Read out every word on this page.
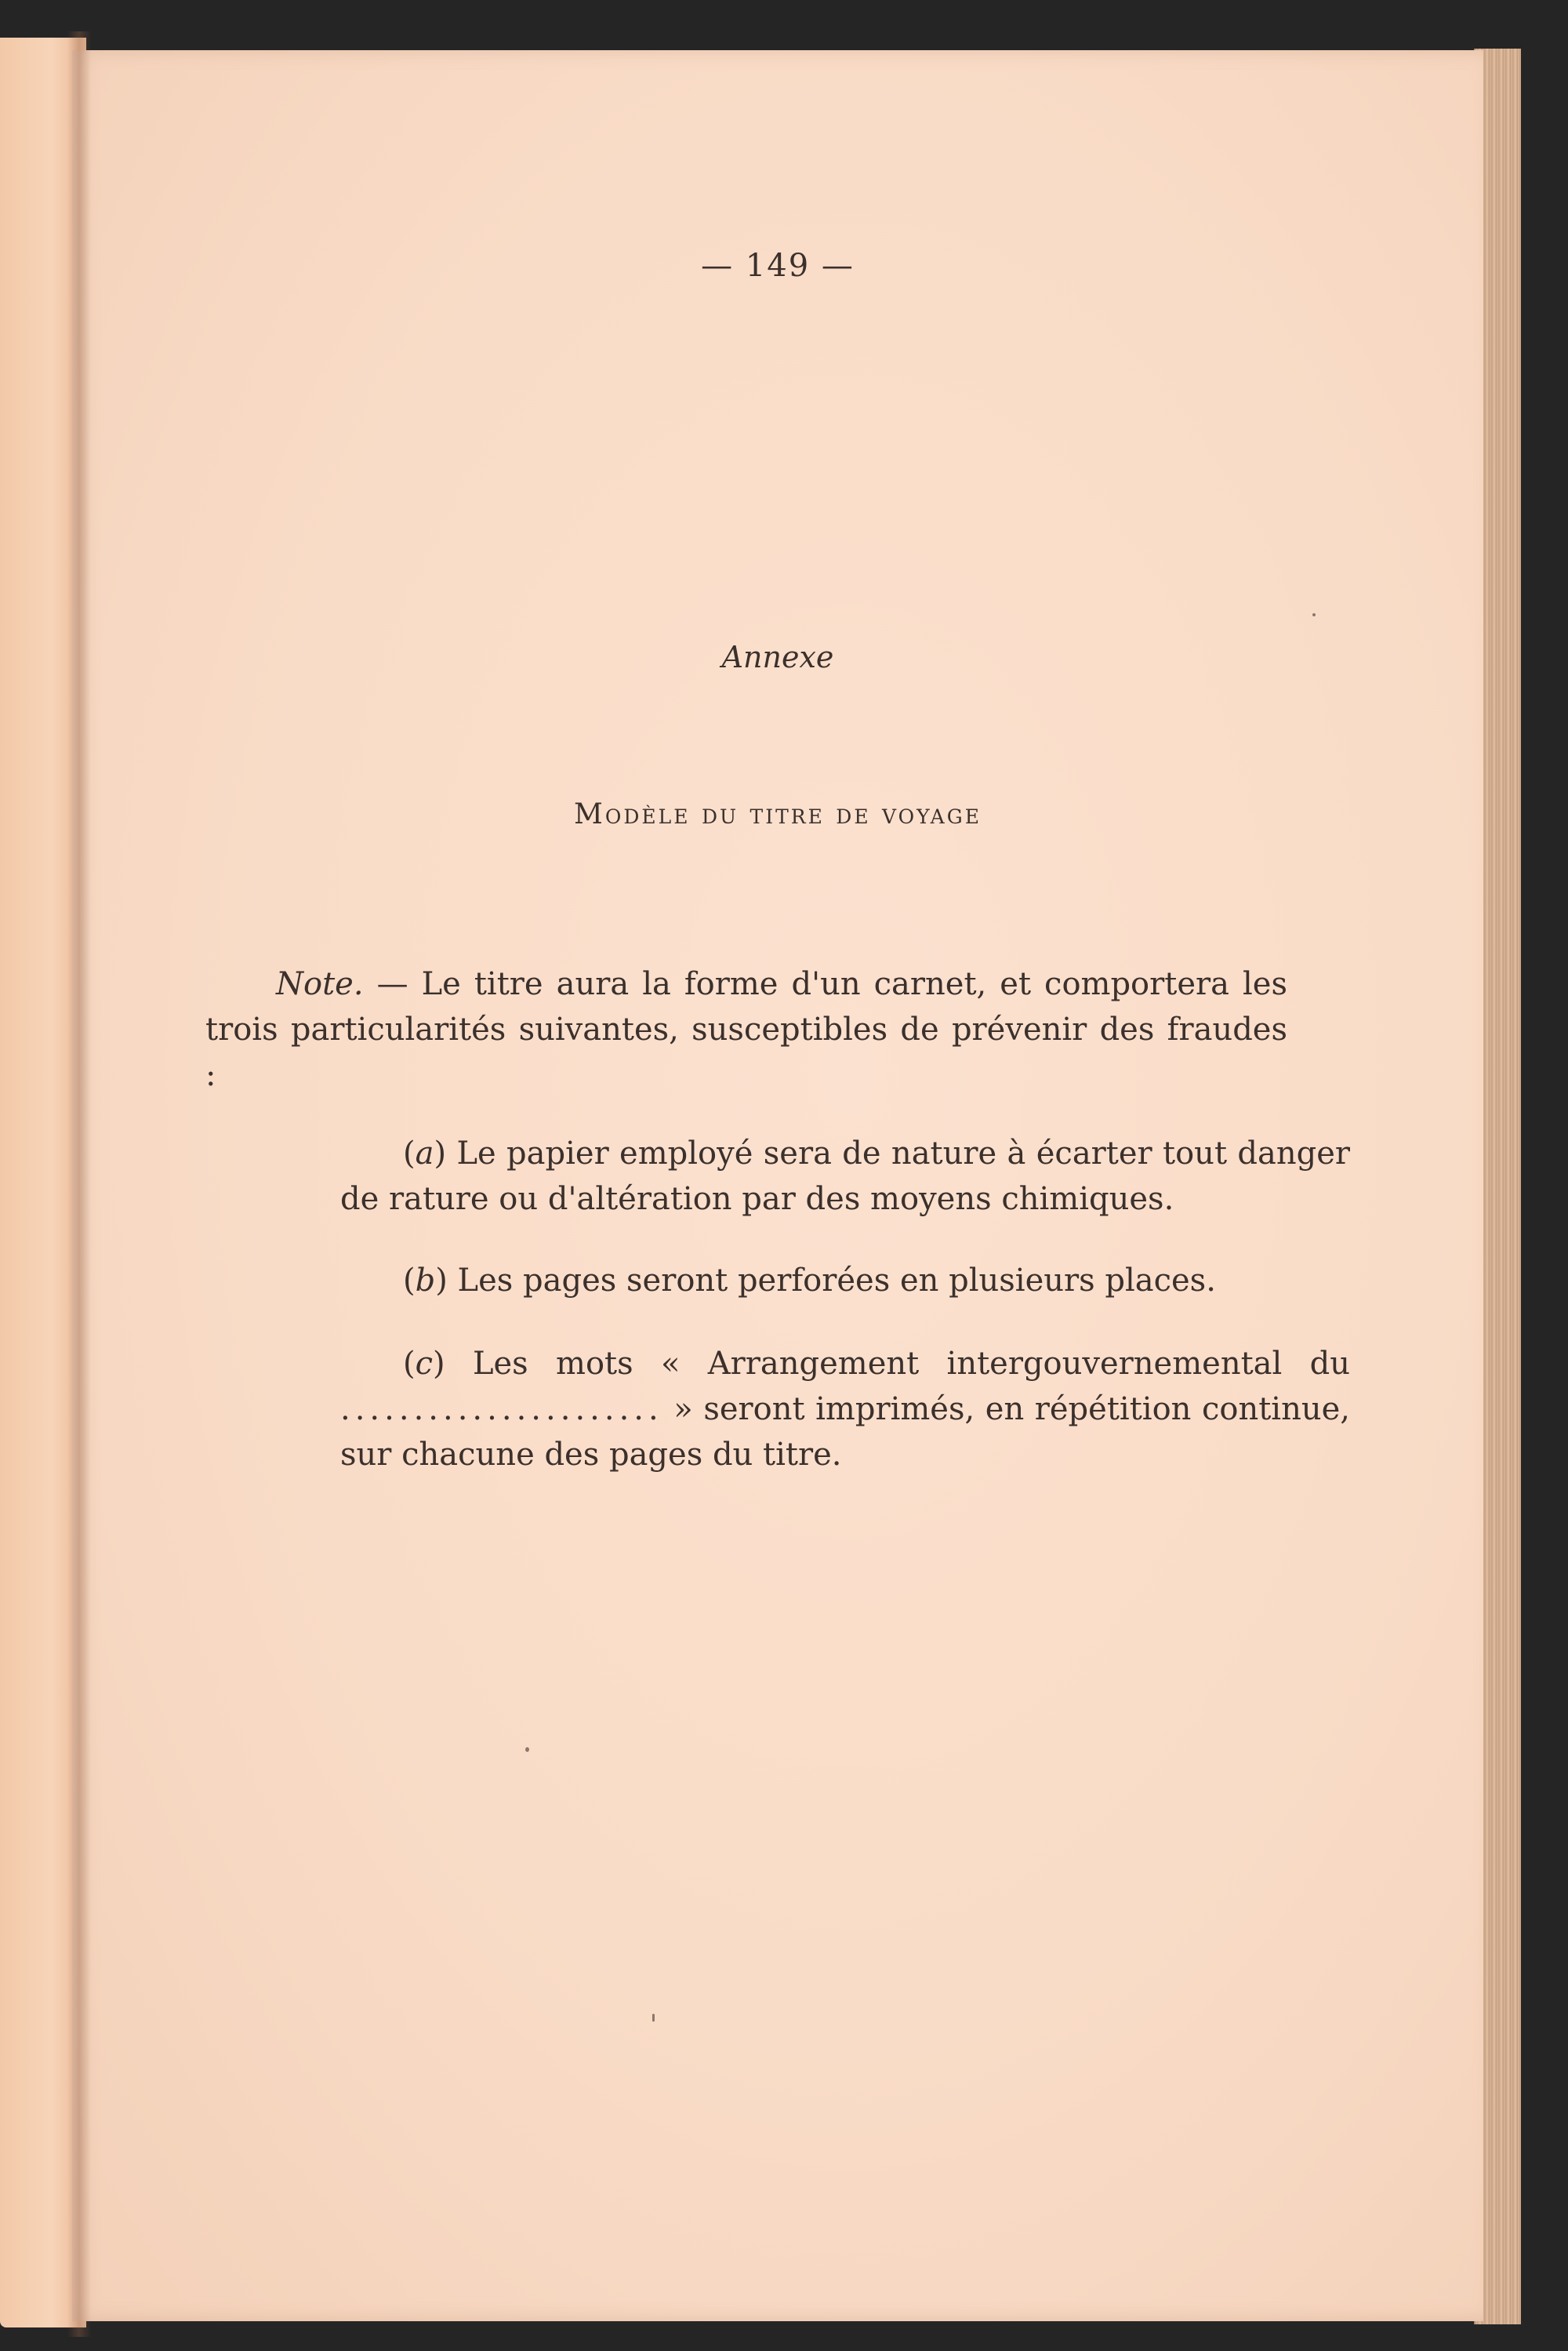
— 149 —
Annexe
Modèle du titre de voyage

Note. — Le titre aura la forme d'un carnet, et comportera les trois particularités suivantes, susceptibles de prévenir des fraudes :

(a) Le papier employé sera de nature à écarter tout danger de rature ou d'altération par des moyens chimiques.

(b) Les pages seront perforées en plusieurs places.

(c) Les mots « Arrangement intergouvernemental du ...................... » seront imprimés, en répétition continue, sur chacune des pages du titre.
